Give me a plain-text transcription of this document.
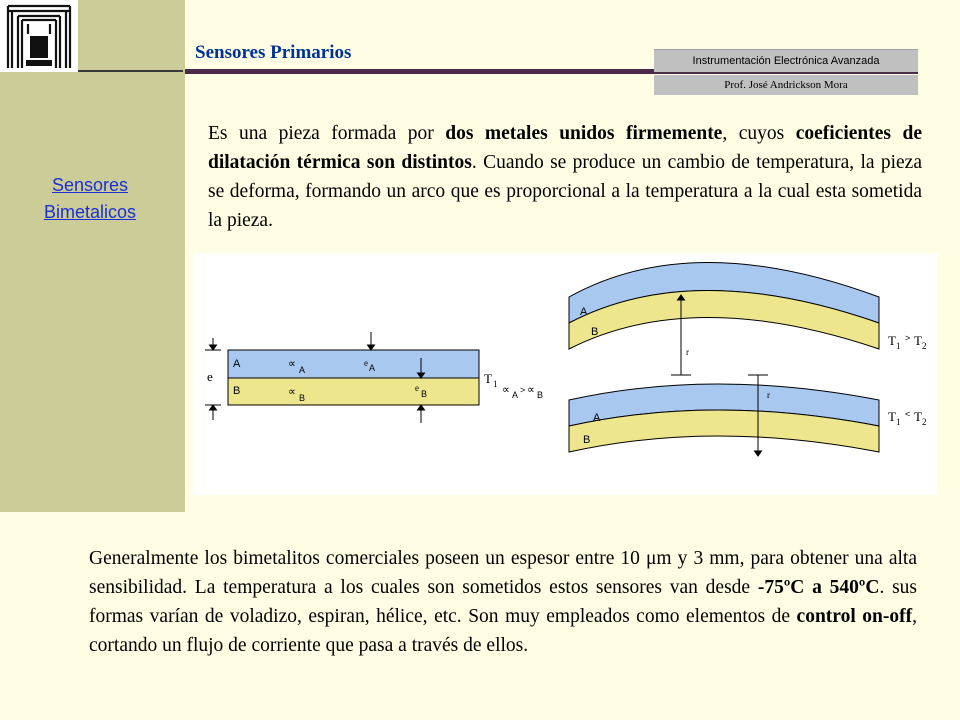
Sensores Primarios	Instrumentación Electrónica Avanzada
Prof. José Andrickson Mora
Sensores
Bimetalicos
Es una pieza formada por dos metales unidos firmemente, cuyos coeficientes de dilatación térmica son distintos. Cuando se produce un cambio de temperatura, la pieza se deforma, formando un arco que es proporcional a la temperatura a la cual esta sometida la pieza.
e
A
B
∝ A
∝ B
e A
e
B
T 1 ∝ A > ∝ B
A
B
r
T 1
> T 2
A
B
r
T 1
< T 2
Generalmente los bimetalitos comerciales poseen un espesor entre 10 μm y 3 mm, para obtener una alta sensibilidad. La temperatura a los cuales son sometidos estos sensores van desde -75ºC a 540ºC. sus formas varían de voladizo, espiran, hélice, etc. Son muy empleados como elementos de control on-off, cortando un flujo de corriente que pasa a través de ellos.
